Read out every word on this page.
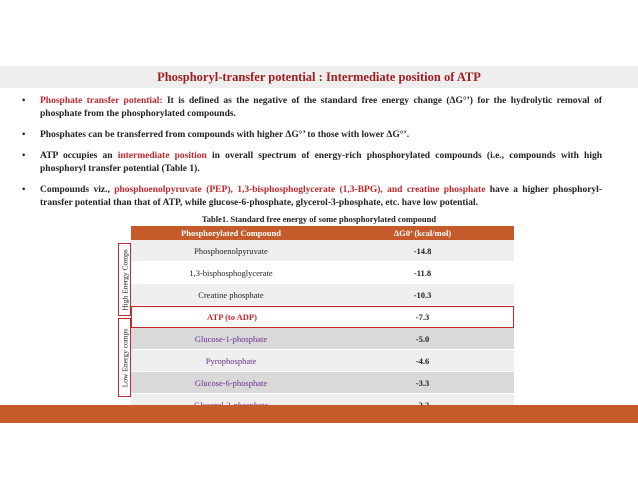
Phosphoryl-transfer potential : Intermediate position of ATP
•	Phosphate transfer potential: It is defined as the negative of the standard free energy change (ΔG°’) for the hydrolytic removal of phosphate from the phosphorylated compounds.
•	Phosphates can be transferred from compounds with higher ΔG°’ to those with lower ΔG°’.
•	ATP occupies an intermediate position in overall spectrum of energy-rich phosphorylated compounds (i.e., compounds with high phosphoryl transfer potential (Table 1).
•	Compounds viz., phosphoenolpyruvate (PEP), 1,3-bisphosphoglycerate (1,3-BPG), and creatine phosphate have a higher phosphoryl-transfer potential than that of ATP, while glucose-6-phosphate, glycerol-3-phosphate, etc. have low potential.
Table1. Standard free energy of some phosphorylated compound
High Energy Comps
Low Energy comps
Phosphorylated Compound	ΔG0’ (kcal/mol)
Phosphoenolpyruvate	-14.8
1,3-bisphosphoglycerate	-11.8
Creatine phosphate	-10.3
ATP (to ADP)	-7.3
Glucose-1-phosphate	-5.0
Pyrophosphate	-4.6
Glucose-6-phosphate	-3.3
